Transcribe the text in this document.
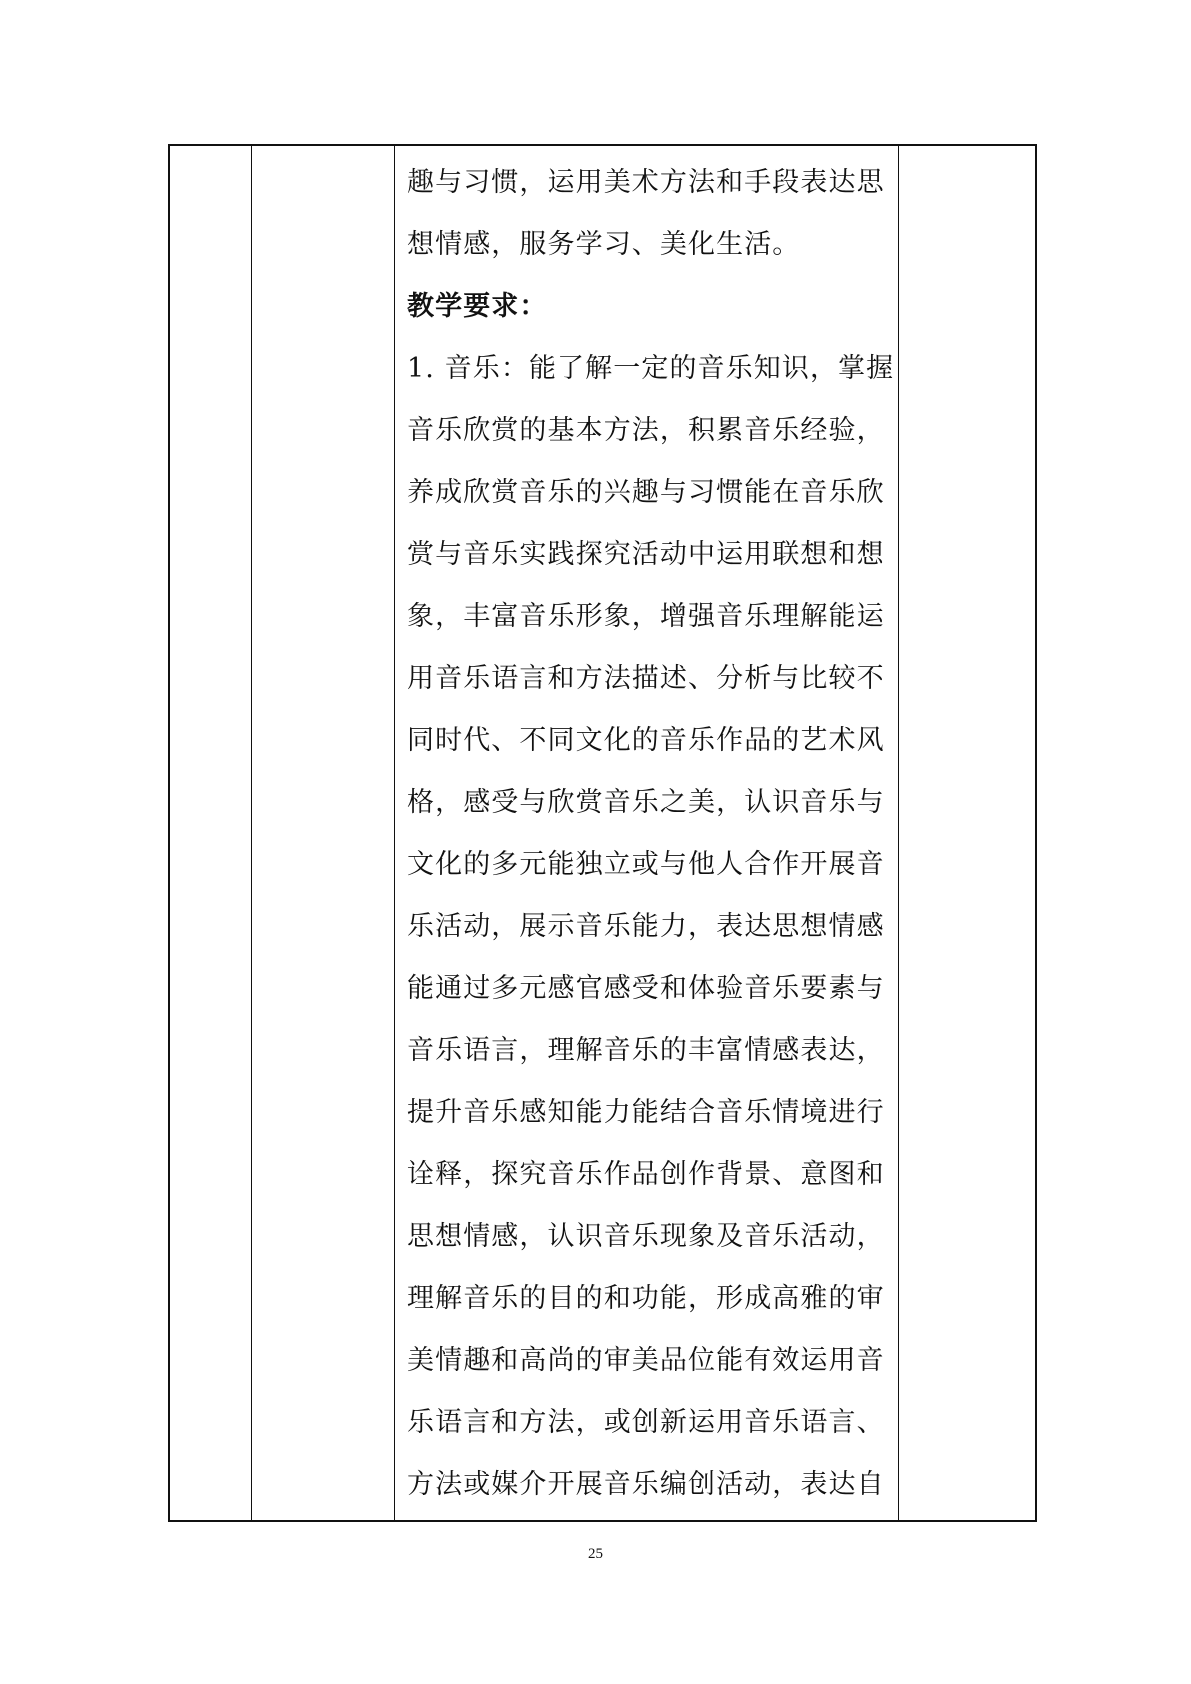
趣与习惯，运用美术方法和手段表达思
想情感，服务学习、美化生活。
教学要求：
1. 音乐：能了解一定的音乐知识，掌握
音乐欣赏的基本方法，积累音乐经验，
养成欣赏音乐的兴趣与习惯能在音乐欣
赏与音乐实践探究活动中运用联想和想
象，丰富音乐形象，增强音乐理解能运
用音乐语言和方法描述、分析与比较不
同时代、不同文化的音乐作品的艺术风
格，感受与欣赏音乐之美，认识音乐与
文化的多元能独立或与他人合作开展音
乐活动，展示音乐能力，表达思想情感
能通过多元感官感受和体验音乐要素与
音乐语言，理解音乐的丰富情感表达，
提升音乐感知能力能结合音乐情境进行
诠释，探究音乐作品创作背景、意图和
思想情感，认识音乐现象及音乐活动，
理解音乐的目的和功能，形成高雅的审
美情趣和高尚的审美品位能有效运用音
乐语言和方法，或创新运用音乐语言、
方法或媒介开展音乐编创活动，表达自
25
